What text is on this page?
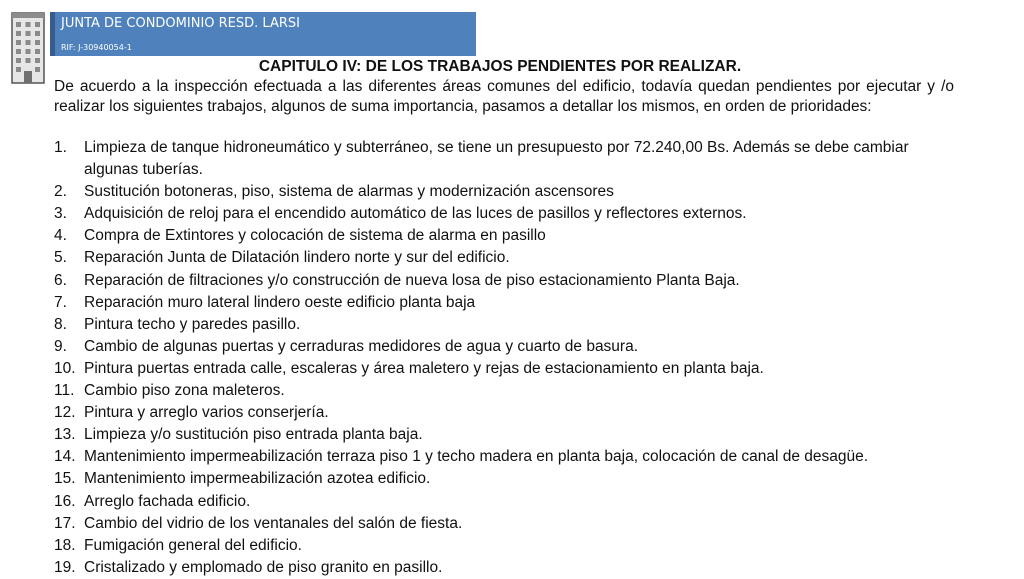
JUNTA DE CONDOMINIO RESD. LARSI
RIF: J-30940054-1
CAPITULO IV: DE LOS TRABAJOS PENDIENTES POR REALIZAR.
De acuerdo a la inspección efectuada a las diferentes áreas comunes del edificio, todavía quedan pendientes por ejecutar y /o realizar los siguientes trabajos, algunos de suma importancia, pasamos a detallar los mismos, en orden de prioridades:
1. Limpieza de tanque hidroneumático y subterráneo, se tiene un presupuesto por 72.240,00 Bs. Además se debe cambiar algunas tuberías.
2. Sustitución botoneras, piso, sistema de alarmas y modernización ascensores
3. Adquisición de reloj para el encendido automático de las luces de pasillos y reflectores externos.
4. Compra de Extintores y colocación de sistema de alarma en pasillo
5. Reparación Junta de Dilatación lindero norte y sur del edificio.
6. Reparación de filtraciones y/o construcción de nueva losa de piso estacionamiento Planta Baja.
7. Reparación muro lateral lindero oeste edificio planta baja
8. Pintura techo y paredes pasillo.
9. Cambio de algunas puertas y cerraduras medidores de agua y cuarto de basura.
10. Pintura puertas entrada calle, escaleras y área maletero y rejas de estacionamiento en planta baja.
11. Cambio piso zona maleteros.
12. Pintura y arreglo varios conserjería.
13. Limpieza y/o sustitución piso entrada planta baja.
14. Mantenimiento impermeabilización terraza piso 1 y techo madera en planta baja, colocación de canal de desagüe.
15. Mantenimiento impermeabilización azotea edificio.
16. Arreglo fachada edificio.
17. Cambio del vidrio de los ventanales del salón de fiesta.
18. Fumigación general del edificio.
19. Cristalizado y emplomado de piso granito en pasillo.
